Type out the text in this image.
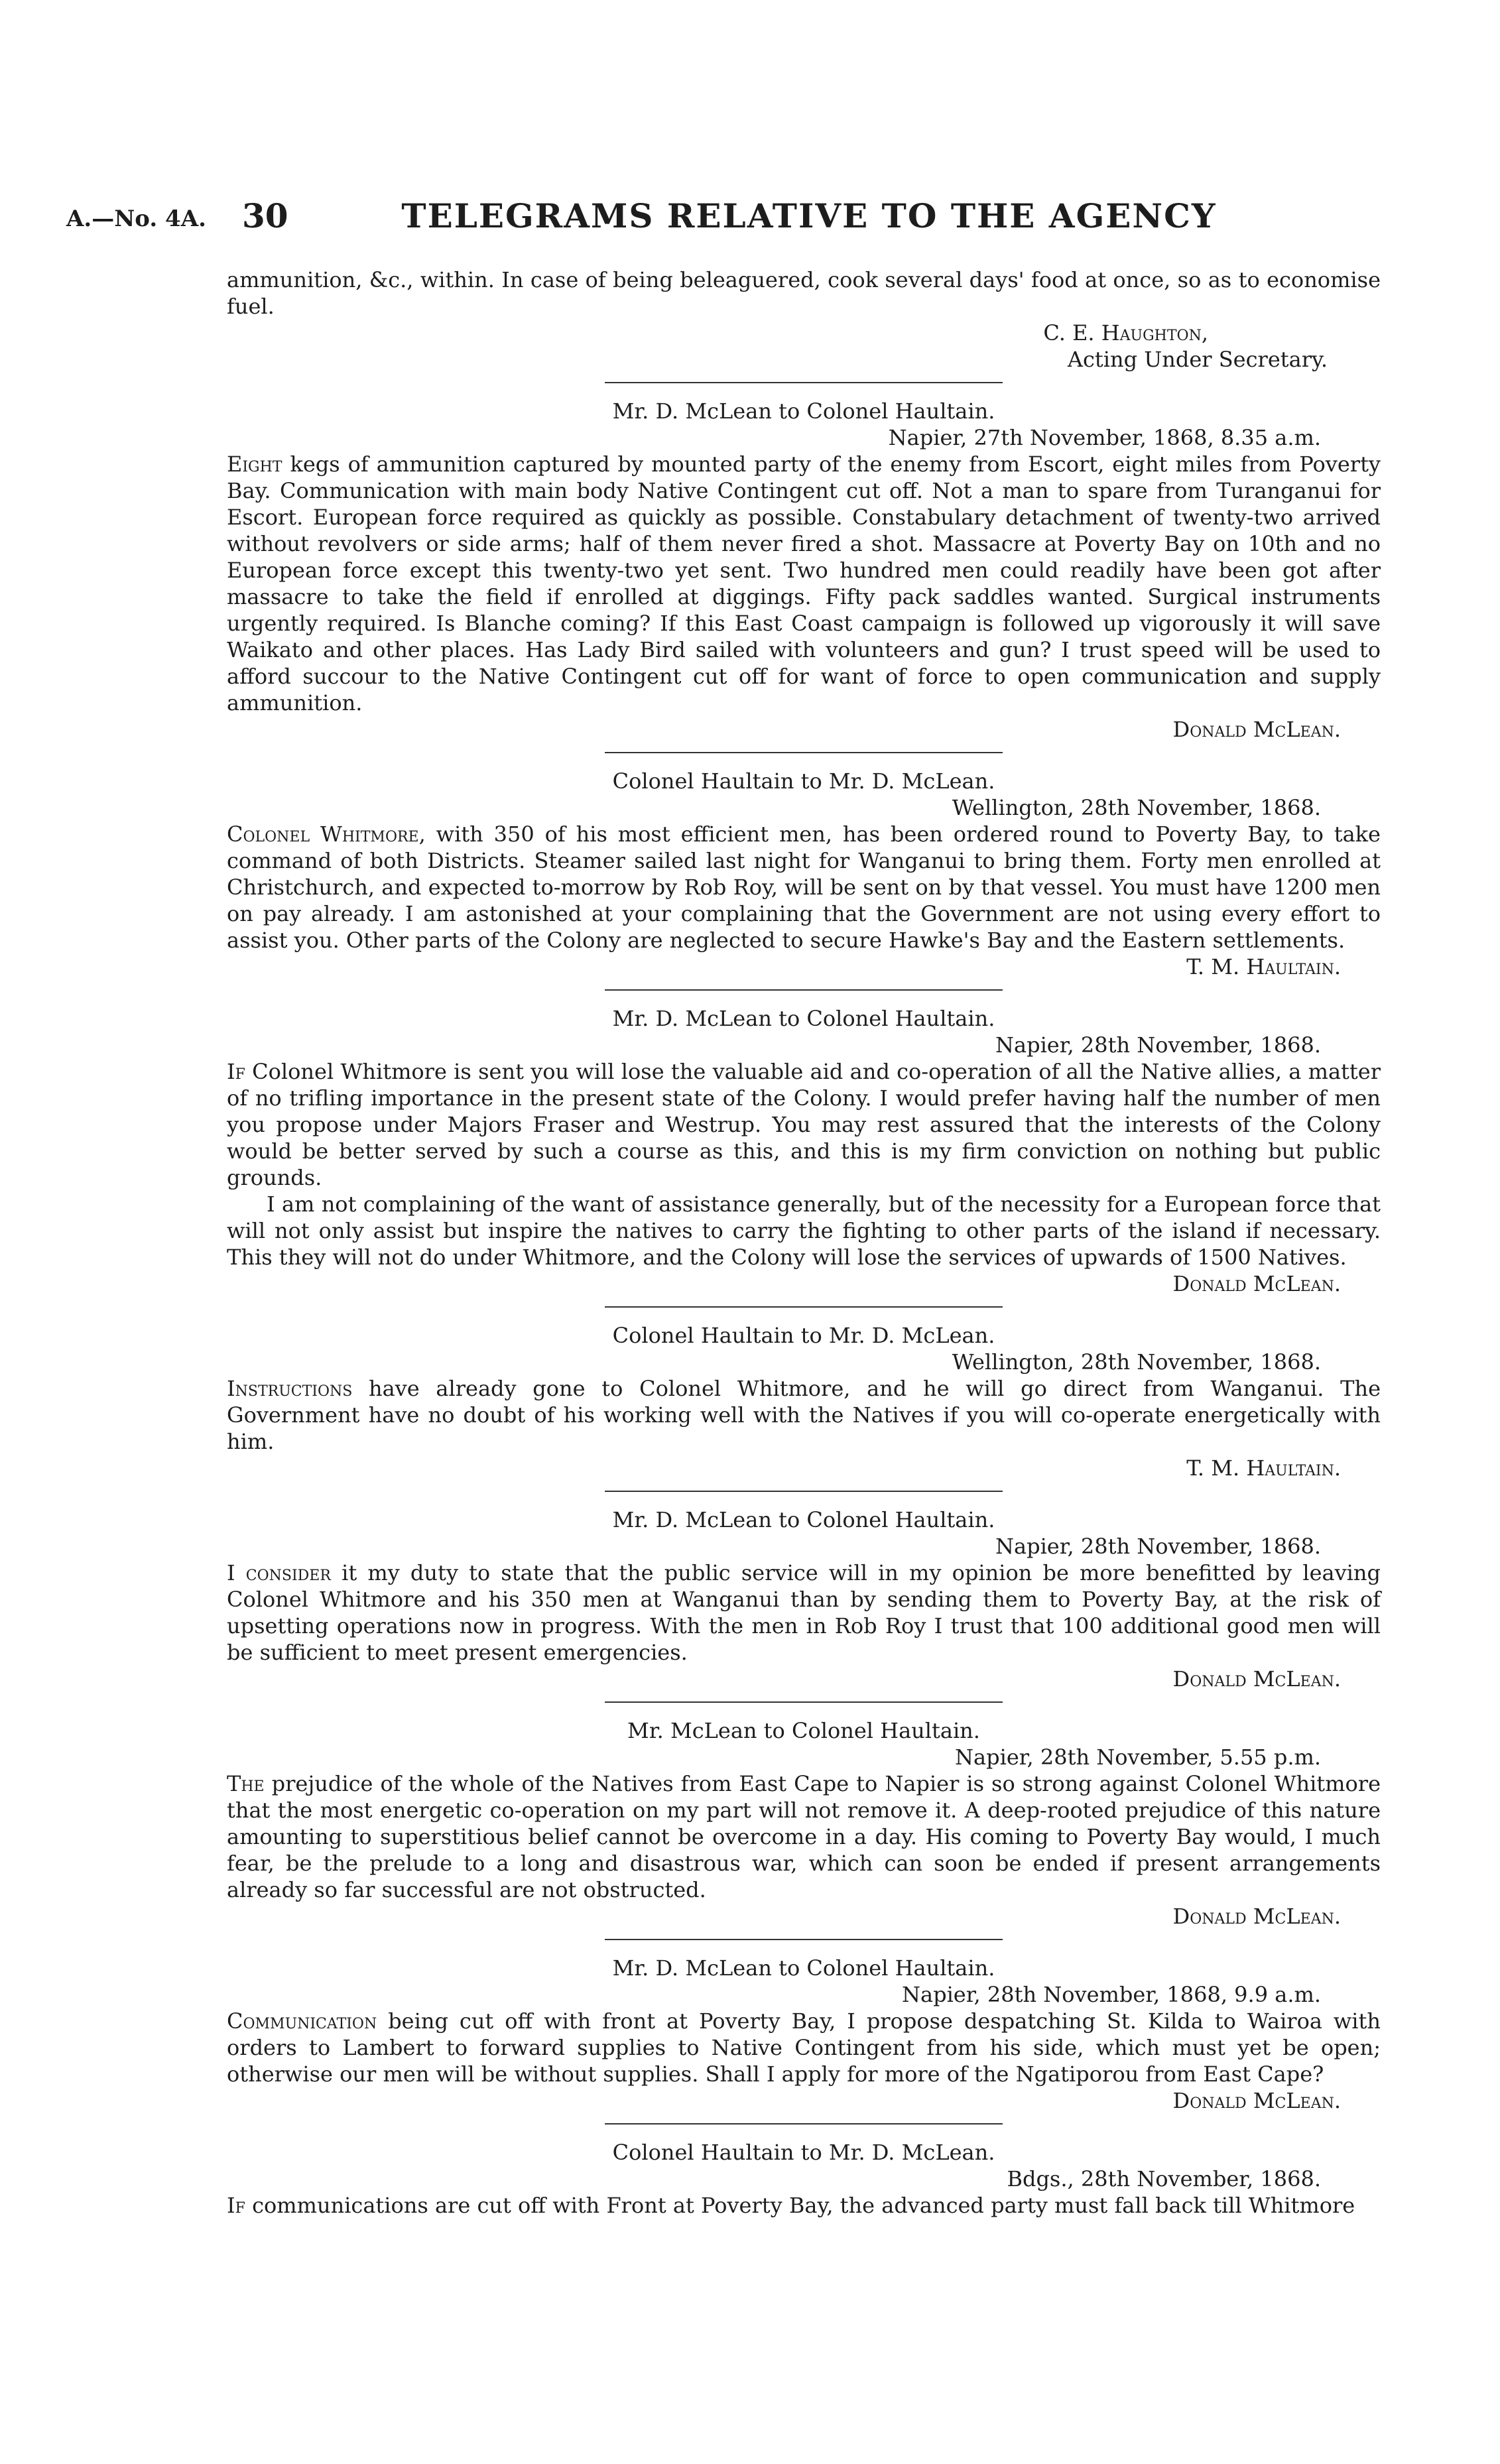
A.—No. 4A. 30	TELEGRAMS RELATIVE TO THE AGENCY

ammunition, &c., within. In case of being beleaguered, cook several days' food at once, so as to economise fuel.

C. E. Haughton,
Acting Under Secretary.
Mr. D. McLean to Colonel Haultain.
Napier, 27th November, 1868, 8.35 a.m.

Eight kegs of ammunition captured by mounted party of the enemy from Escort, eight miles from Poverty Bay. Communication with main body Native Contingent cut off. Not a man to spare from Turanganui for Escort. European force required as quickly as possible. Constabulary detachment of twenty-two arrived without revolvers or side arms; half of them never fired a shot. Massacre at Poverty Bay on 10th and no European force except this twenty-two yet sent. Two hundred men could readily have been got after massacre to take the field if enrolled at diggings. Fifty pack saddles wanted. Surgical instruments urgently required. Is Blanche coming? If this East Coast campaign is followed up vigorously it will save Waikato and other places. Has Lady Bird sailed with volunteers and gun? I trust speed will be used to afford succour to the Native Contingent cut off for want of force to open communication and supply ammunition.

Donald McLean.
Colonel Haultain to Mr. D. McLean.
Wellington, 28th November, 1868.

Colonel Whitmore, with 350 of his most efficient men, has been ordered round to Poverty Bay, to take command of both Districts. Steamer sailed last night for Wanganui to bring them. Forty men enrolled at Christchurch, and expected to-morrow by Rob Roy, will be sent on by that vessel. You must have 1200 men on pay already. I am astonished at your complaining that the Government are not using every effort to assist you. Other parts of the Colony are neglected to secure Hawke's Bay and the Eastern settlements.

T. M. Haultain.
Mr. D. McLean to Colonel Haultain.
Napier, 28th November, 1868.

If Colonel Whitmore is sent you will lose the valuable aid and co-operation of all the Native allies, a matter of no trifling importance in the present state of the Colony. I would prefer having half the number of men you propose under Majors Fraser and Westrup. You may rest assured that the interests of the Colony would be better served by such a course as this, and this is my firm conviction on nothing but public grounds.

I am not complaining of the want of assistance generally, but of the necessity for a European force that will not only assist but inspire the natives to carry the fighting to other parts of the island if necessary. This they will not do under Whitmore, and the Colony will lose the services of upwards of 1500 Natives.

Donald McLean.
Colonel Haultain to Mr. D. McLean.
Wellington, 28th November, 1868.

Instructions have already gone to Colonel Whitmore, and he will go direct from Wanganui. The Government have no doubt of his working well with the Natives if you will co-operate energetically with him.

T. M. Haultain.
Mr. D. McLean to Colonel Haultain.
Napier, 28th November, 1868.

I consider it my duty to state that the public service will in my opinion be more benefitted by leaving Colonel Whitmore and his 350 men at Wanganui than by sending them to Poverty Bay, at the risk of upsetting operations now in progress. With the men in Rob Roy I trust that 100 additional good men will be sufficient to meet present emergencies.

Donald McLean.
Mr. McLean to Colonel Haultain.
Napier, 28th November, 5.55 p.m.

The prejudice of the whole of the Natives from East Cape to Napier is so strong against Colonel Whitmore that the most energetic co-operation on my part will not remove it. A deep-rooted prejudice of this nature amounting to superstitious belief cannot be overcome in a day. His coming to Poverty Bay would, I much fear, be the prelude to a long and disastrous war, which can soon be ended if present arrangements already so far successful are not obstructed.

Donald McLean.
Mr. D. McLean to Colonel Haultain.
Napier, 28th November, 1868, 9.9 a.m.

Communication being cut off with front at Poverty Bay, I propose despatching St. Kilda to Wairoa with orders to Lambert to forward supplies to Native Contingent from his side, which must yet be open; otherwise our men will be without supplies. Shall I apply for more of the Ngatiporou from East Cape?

Donald McLean.
Colonel Haultain to Mr. D. McLean.
Bdgs., 28th November, 1868.

If communications are cut off with Front at Poverty Bay, the advanced party must fall back till Whitmore
